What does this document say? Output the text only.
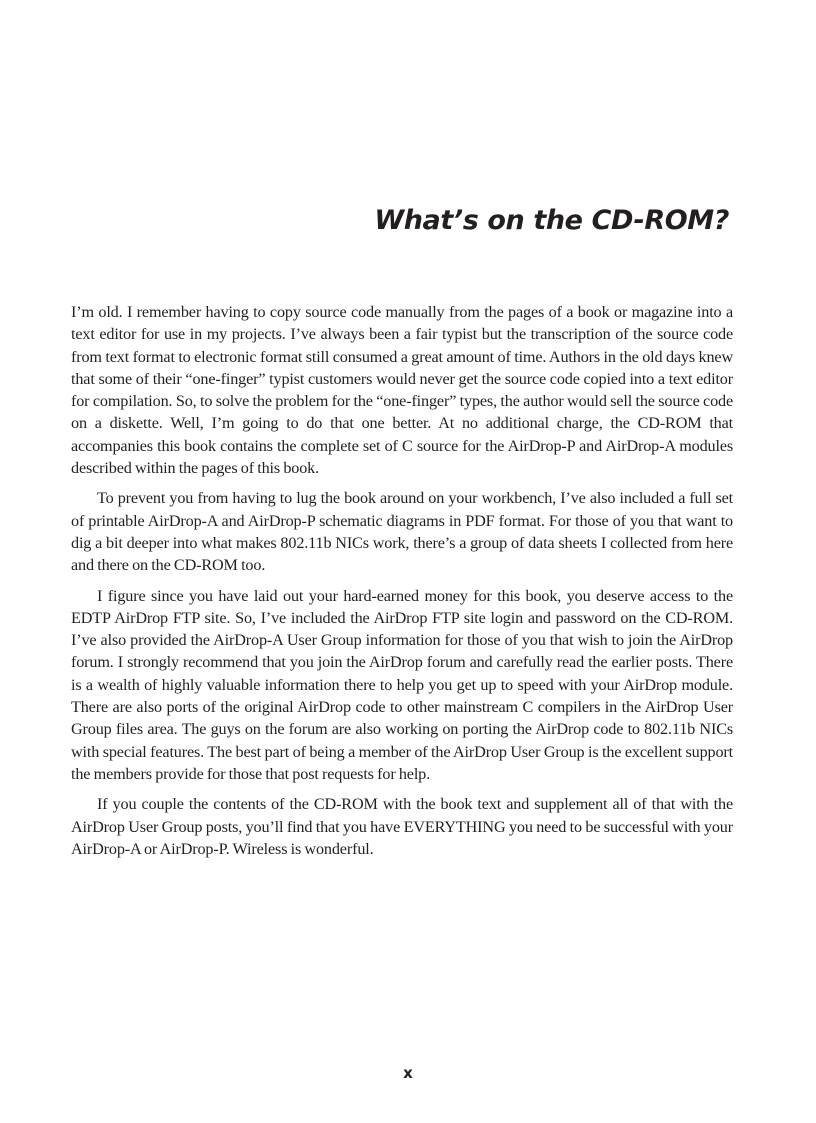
What’s on the CD-ROM?

I’m old. I remember having to copy source code manually from the pages of a book or magazine into a text editor for use in my projects. I’ve always been a fair typist but the transcription of the source code from text format to electronic format still consumed a great amount of time. Authors in the old days knew that some of their “one-finger” typist customers would never get the source code copied into a text editor for compilation. So, to solve the problem for the “one-finger” types, the author would sell the source code on a diskette. Well, I’m going to do that one better. At no additional charge, the CD-ROM that accompanies this book contains the complete set of C source for the AirDrop-P and AirDrop-A modules described within the pages of this book.

To prevent you from having to lug the book around on your workbench, I’ve also included a full set of printable AirDrop-A and AirDrop-P schematic diagrams in PDF format. For those of you that want to dig a bit deeper into what makes 802.11b NICs work, there’s a group of data sheets I collected from here and there on the CD-ROM too.

I figure since you have laid out your hard-earned money for this book, you deserve access to the EDTP AirDrop FTP site. So, I’ve included the AirDrop FTP site login and password on the CD-ROM. I’ve also provided the AirDrop-A User Group information for those of you that wish to join the AirDrop forum. I strongly recommend that you join the AirDrop forum and carefully read the earlier posts. There is a wealth of highly valuable information there to help you get up to speed with your AirDrop module. There are also ports of the original AirDrop code to other mainstream C compilers in the AirDrop User Group files area. The guys on the forum are also working on porting the AirDrop code to 802.11b NICs with special features. The best part of being a member of the AirDrop User Group is the excellent support the members provide for those that post requests for help.

If you couple the contents of the CD-ROM with the book text and supplement all of that with the AirDrop User Group posts, you’ll find that you have EVERYTHING you need to be successful with your AirDrop-A or AirDrop-P. Wireless is wonderful.

x
